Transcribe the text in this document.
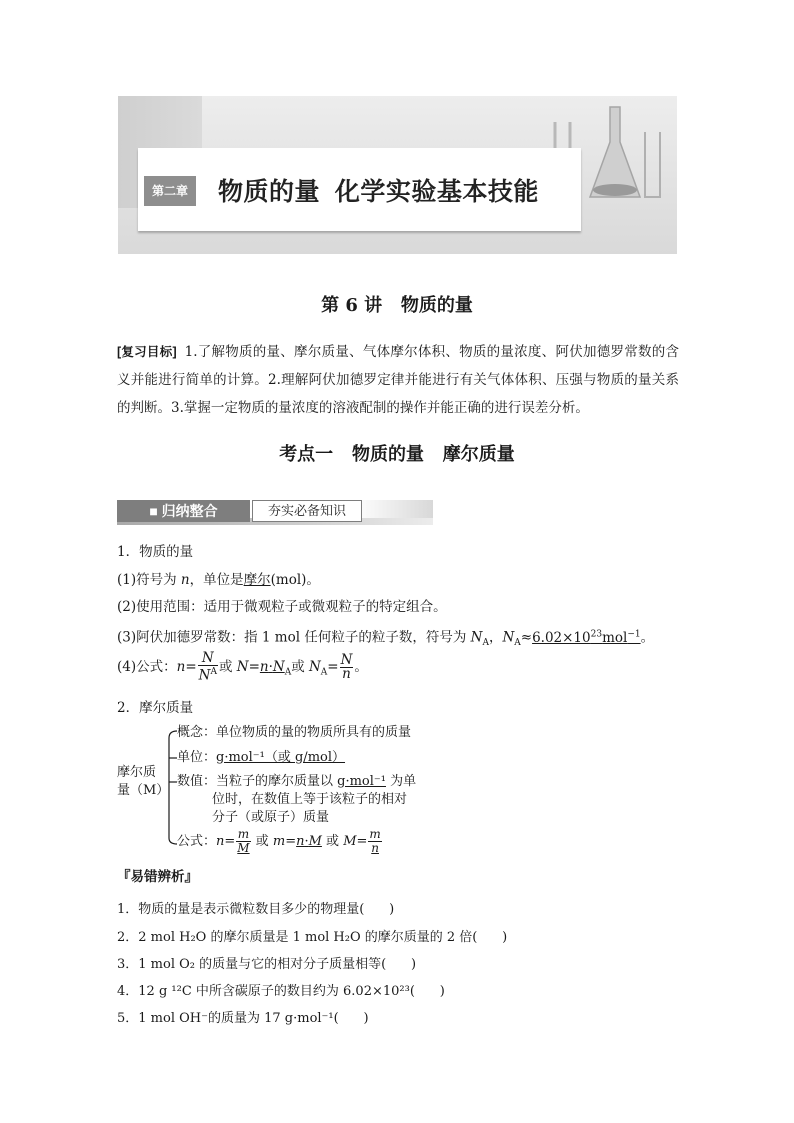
第二章	物质的量  化学实验基本技能
第 6 讲   物质的量
[复习目标] 1.了解物质的量、摩尔质量、气体摩尔体积、物质的量浓度、阿伏加德罗常数的含义并能进行简单的计算。2.理解阿伏加德罗定律并能进行有关气体体积、压强与物质的量关系的判断。3.掌握一定物质的量浓度的溶液配制的操作并能正确的进行误差分析。
考点一   物质的量   摩尔质量
■ 归纳整合	夯实必备知识
1．物质的量
(1)符号为 n，单位是摩尔(mol)。
(2)使用范围：适用于微观粒子或微观粒子的特定组合。
(3)阿伏加德罗常数：指 1 mol 任何粒子的粒子数，符号为 $N_A$，$N_A\approx 6.02\times 10^{23}mol^{-1}$。
(4)公式：$n= \frac{N}{N^A}$ 或 $N=n\cdot N_A$或 $N_A= \frac{N}{n}$ 。
2．摩尔质量
摩尔质量（M）
概念：单位物质的量的物质所具有的质量
单位：g·mol⁻¹（或 g/mol）
数值：当粒子的摩尔质量以 g·mol⁻¹ 为单
位时，在数值上等于该粒子的相对
分子（或原子）质量
公式：$n= \frac{m}{M}$ 或 m=n·M 或 $M= \frac{m}{n}$
『易错辨析』
1．物质的量是表示微粒数目多少的物理量(      )
2．2 mol H₂O 的摩尔质量是 1 mol H₂O 的摩尔质量的 2 倍(      )
3．1 mol O₂ 的质量与它的相对分子质量相等(      )
4．12 g ¹²C 中所含碳原子的数目约为 6.02×10²³(      )
5．1 mol OH⁻的质量为 17 g·mol⁻¹(      )
